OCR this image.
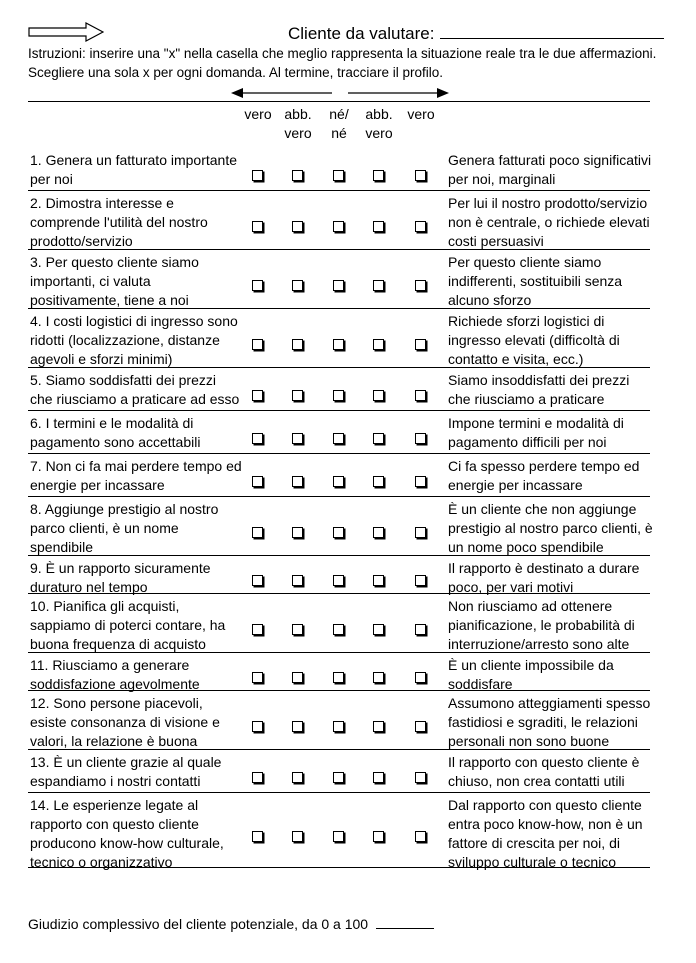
Cliente da valutare:
Istruzioni: inserire una "x" nella casella che meglio rappresenta la situazione reale tra le due affermazioni.
Scegliere una sola x per ogni domanda. Al termine, tracciare il profilo.
vero
abb.
vero
né/
né
abb.
vero
vero

1. Genera un fatturato importante per noi
Genera fatturati poco significativi per noi, marginali
2. Dimostra interesse e comprende l'utilità del nostro prodotto/servizio
Per lui il nostro prodotto/servizio non è centrale, o richiede elevati costi persuasivi
3. Per questo cliente siamo importanti, ci valuta positivamente, tiene a noi
Per questo cliente siamo indifferenti, sostituibili senza alcuno sforzo
4. I costi logistici di ingresso sono ridotti (localizzazione, distanze agevoli e sforzi minimi)
Richiede sforzi logistici di ingresso elevati (difficoltà di contatto e visita, ecc.)
5. Siamo soddisfatti dei prezzi che riusciamo a praticare ad esso
Siamo insoddisfatti dei prezzi che riusciamo a praticare
6. I termini e le modalità di pagamento sono accettabili
Impone termini e modalità di pagamento difficili per noi
7. Non ci fa mai perdere tempo ed energie per incassare
Ci fa spesso perdere tempo ed energie per incassare
8. Aggiunge prestigio al nostro parco clienti, è un nome spendibile
È un cliente che non aggiunge prestigio al nostro parco clienti, è un nome poco spendibile
9. È un rapporto sicuramente duraturo nel tempo
Il rapporto è destinato a durare poco, per vari motivi
10. Pianifica gli acquisti, sappiamo di poterci contare, ha buona frequenza di acquisto
Non riusciamo ad ottenere pianificazione, le probabilità di interruzione/arresto sono alte
11. Riusciamo a generare soddisfazione agevolmente
È un cliente impossibile da soddisfare
12. Sono persone piacevoli, esiste consonanza di visione e valori, la relazione è buona
Assumono atteggiamenti spesso fastidiosi e sgraditi, le relazioni personali non sono buone
13. È un cliente grazie al quale espandiamo i nostri contatti
Il rapporto con questo cliente è chiuso, non crea contatti utili
14. Le esperienze legate al rapporto con questo cliente producono know-how culturale, tecnico o organizzativo
Dal rapporto con questo cliente entra poco know-how, non è un fattore di crescita per noi, di sviluppo culturale o tecnico
Giudizio complessivo del cliente potenziale, da 0 a 100
